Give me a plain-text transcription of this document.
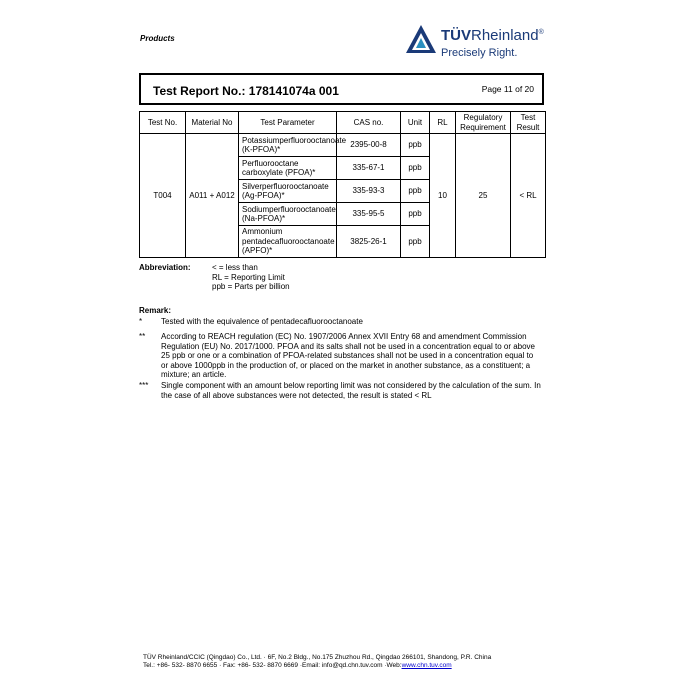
Products	TÜVRheinland®
Precisely Right.
Test Report No.: 178141074a 001	Page 11 of 20
Test No.	Material No	Test Parameter	CAS no.	Unit	RL	Regulatory Requirement	Test Result
T004	A011 + A012	Potassiumperfluorooctanoate (K-PFOA)*	2395-00-8	ppb	10	25	< RL
		Perfluorooctane carboxylate (PFOA)*	335-67-1	ppb			
		Silverperfluorooctanoate (Ag-PFOA)*	335-93-3	ppb			
		Sodiumperfluorooctanoate (Na-PFOA)*	335-95-5	ppb			
		Ammonium pentadecafluorooctanoate (APFO)*	3825-26-1	ppb			
Abbreviation:	< = less than
RL = Reporting Limit
ppb = Parts per billion
Remark:
* Tested with the equivalence of pentadecafluorooctanoate
** According to REACH regulation (EC) No. 1907/2006 Annex XVII Entry 68 and amendment Commission Regulation (EU) No. 2017/1000. PFOA and its salts shall not be used in a concentration equal to or above 25 ppb or one or a combination of PFOA-related substances shall not be used in a concentration equal to or above 1000ppb in the production of, or placed on the market in another substance, as a constituent; a mixture; an article.
*** Single component with an amount below reporting limit was not considered by the calculation of the sum. In the case of all above substances were not detected, the result is stated < RL
TÜV Rheinland/CCIC (Qingdao) Co., Ltd. · 6F, No.2 Bldg., No.175 Zhuzhou Rd., Qingdao 266101, Shandong, P.R. China
Tel.: +86- 532- 8870 6655 · Fax: +86- 532- 8870 6669 ·Email: info@qd.chn.tuv.com ·Web:www.chn.tuv.com
